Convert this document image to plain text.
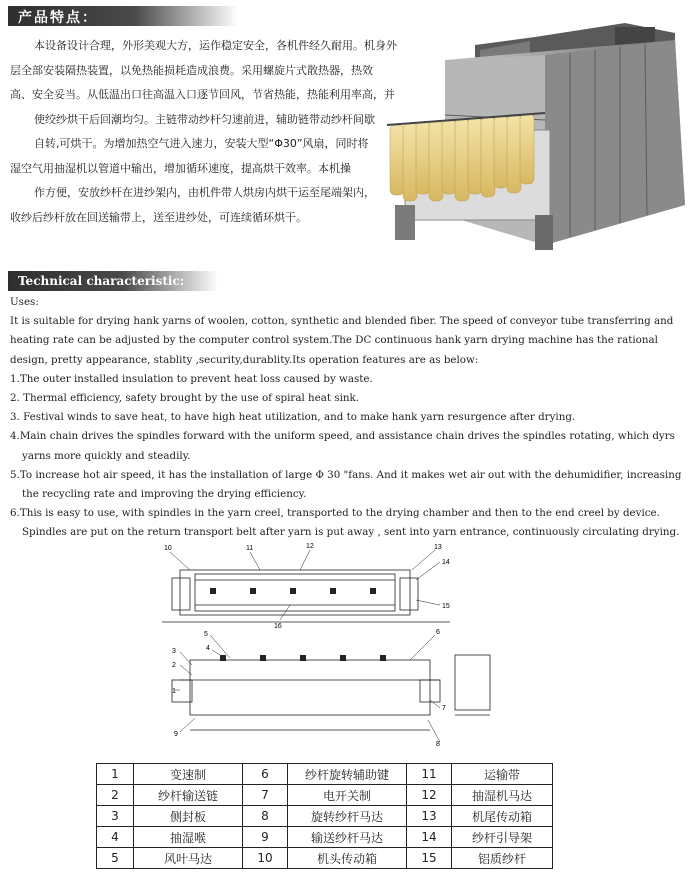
产品特点：

本设备设计合理，外形美观大方，运作稳定安全，各机件经久耐用。机身外

层全部安装隔热装置，以免热能损耗造成浪费。采用螺旋片式散热器，热效

高、安全妥当。从低温出口往高温入口逐节回风，节省热能，热能利用率高，并

使绞纱烘干后回潮均匀。主链带动纱杆匀速前进，辅助链带动纱杆间歇

自转,可烘干。为增加热空气进入速力，安装大型“Φ30”风扇，同时将

湿空气用抽湿机以管道中输出，增加循环速度，提高烘干效率。本机操

作方便，安放纱杆在进纱架内，由机件带人烘房内烘干运至尾端架内，

收纱后纱杆放在回送输带上，送至进纱处，可连续循环烘干。

Technical characteristic:

Uses:

It is suitable for drying hank yarns of woolen, cotton, synthetic and blended fiber. The speed of conveyor tube transferring and

heating rate can be adjusted by the computer control system.The DC continuous hank yarn drying machine has the rational

design, pretty appearance, stablity ,security,durablity.Its operation features are as below:

1.The outer installed insulation to prevent heat loss caused by waste.

2. Thermal efficiency, safety brought by the use of spiral heat sink.

3. Festival winds to save heat, to have high heat utilization, and to make hank yarn resurgence after drying.

4.Main chain drives the spindles forward with the uniform speed, and assistance chain drives the spindles rotating, which dyrs

yarns more quickly and steadily.

5.To increase hot air speed, it has the installation of large Φ 30 "fans. And it makes wet air out with the dehumidifier, increasing

the recycling rate and improving the drying efficiency.

6.This is easy to use, with spindles in the yarn creel, transported to the drying chamber and then to the end creel by device.

Spindles are put on the return transport belt after yarn is put away , sent into yarn entrance, continuously circulating drying.

10	11	12	13
14
15
16
5	6
4
3
2
1
7
9
8
1	变速制	6	纱杆旋转辅助键	11	运输带
2	纱杆输送链	7	电开关制	12	抽湿机马达
3	侧封板	8	旋转纱杆马达	13	机尾传动箱
4	抽湿喉	9	输送纱杆马达	14	纱杆引导架
5	风叶马达	10	机头传动箱	15	铝质纱杆
